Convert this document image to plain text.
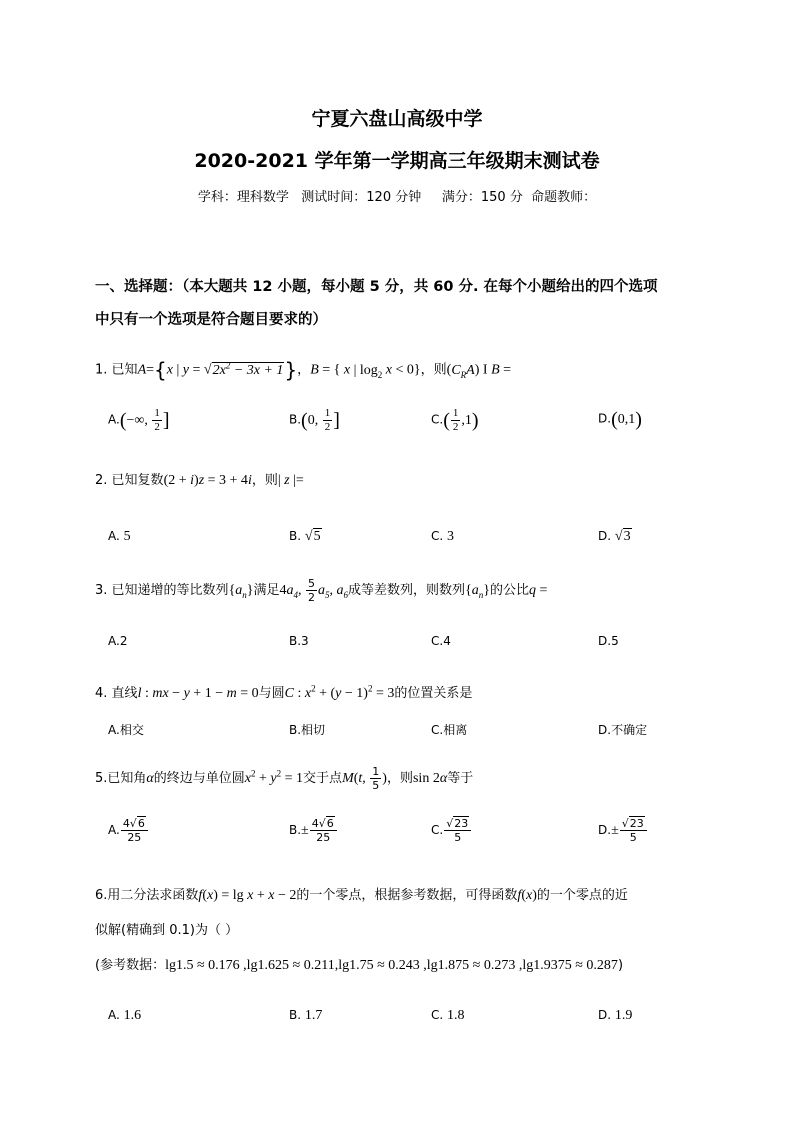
宁夏六盘山高级中学
2020-2021 学年第一学期高三年级期末测试卷
学科：理科数学   测试时间：120 分钟     满分：150 分  命题教师：
一、选择题：（本大题共 12 小题，每小题 5 分，共 60 分. 在每个小题给出的四个选项
中只有一个选项是符合题目要求的）
1. 已知A={x | $y = √2x^2 - 3x + 1$}，B = { x | $\log_2 x < 0$}，则$(C_RA)$ I B =
A.(−∞, $\frac{1}{2}$ ]	B.(0, $\frac{1}{2}$ ]	$C.( \frac{1}{2} ,1)$	D.(0,1)
2. 已知复数(2 + i)z = 3 + 4i，则| z |=
A. 5	B. √5	C. 3	D. √3
3. 已知递增的等比数列$\{a_n\}$满足$4a_4$, $\frac{5}{2} a_5$, $a_6$成等差数列，则数列$\{a_n\}$的公比q =
A.2	B.3	C.4	D.5
4. 直线l : mx − y + 1 − m = 0与圆C : $x^2 + (y - 1)^2 = 3$的位置关系是
A.相交	B.相切	C.相离	D.不确定
5.已知角α的终边与单位圆$x^2 + y^2 = 1$交于点M(t, $\frac{1}{5}$ )，则sin 2α等于
A. $\frac{4√6}{25}$	$B.\pm \frac{4√6}{25}$	C. $\frac{√23}{5}$	$D.\pm \frac{√23}{5}$
6.用二分法求函数f(x) = lg x + x − 2的一个零点，根据参考数据，可得函数f(x)的一个零点的近
似解(精确到 0.1)为（ ）
(参考数据：lg1.5 ≈ 0.176 ,lg1.625 ≈ 0.211,lg1.75 ≈ 0.243 ,lg1.875 ≈ 0.273 ,lg1.9375 ≈ 0.287)
A. 1.6	B. 1.7	C. 1.8	D. 1.9
